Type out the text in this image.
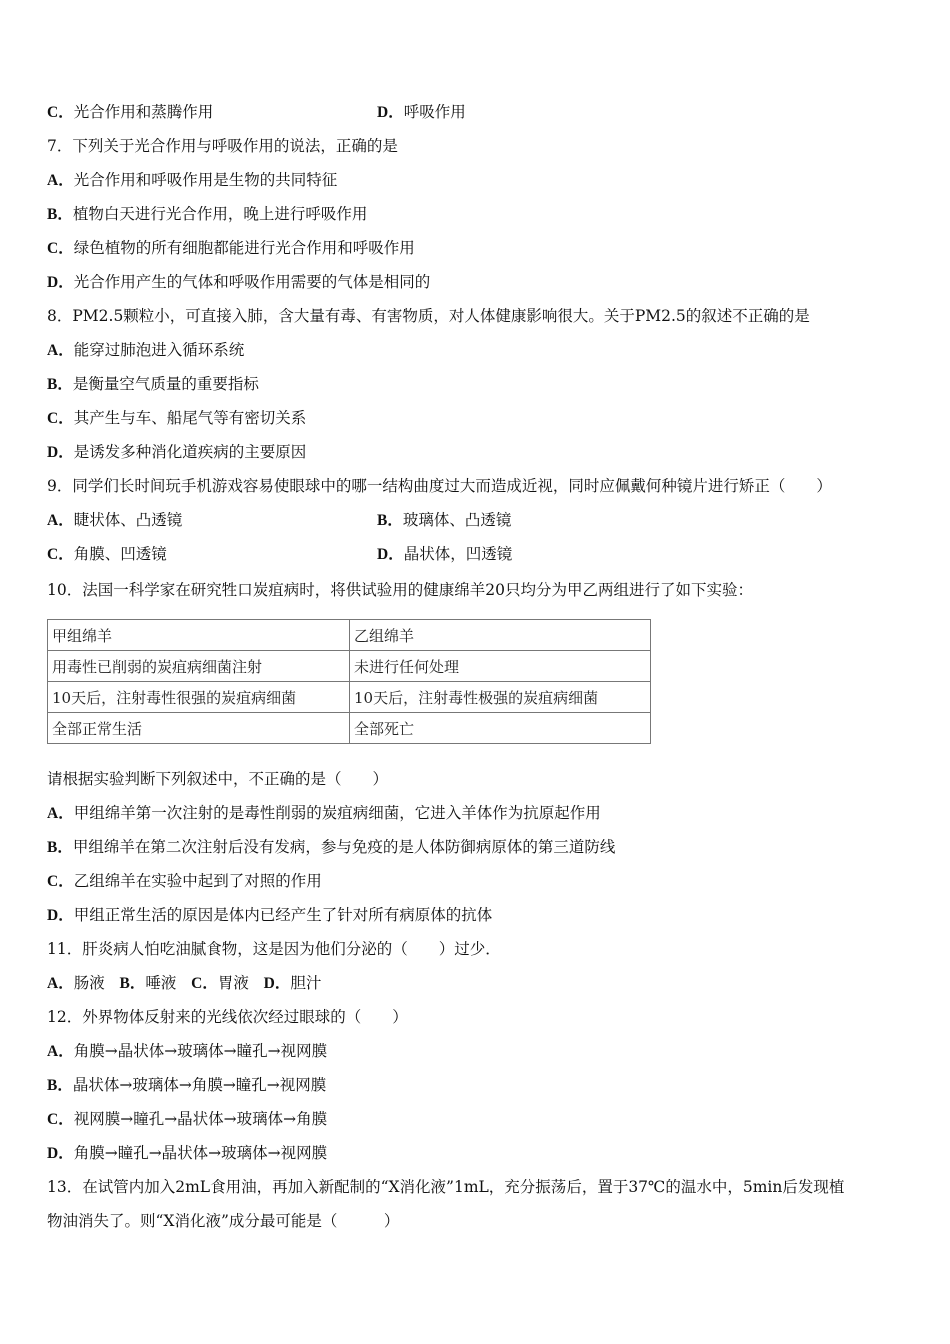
C．光合作用和蒸腾作用	D．呼吸作用
7．下列关于光合作用与呼吸作用的说法，正确的是
A．光合作用和呼吸作用是生物的共同特征
B．植物白天进行光合作用，晚上进行呼吸作用
C．绿色植物的所有细胞都能进行光合作用和呼吸作用
D．光合作用产生的气体和呼吸作用需要的气体是相同的
8．PM2.5颗粒小，可直接入肺，含大量有毒、有害物质，对人体健康影响很大。关于PM2.5的叙述不正确的是
A．能穿过肺泡进入循环系统
B．是衡量空气质量的重要指标
C．其产生与车、船尾气等有密切关系
D．是诱发多种消化道疾病的主要原因
9．同学们长时间玩手机游戏容易使眼球中的哪一结构曲度过大而造成近视，同时应佩戴何种镜片进行矫正（　　）
A．睫状体、凸透镜	B．玻璃体、凸透镜
C．角膜、凹透镜	D．晶状体，凹透镜
10．法国一科学家在研究牲口炭疽病时，将供试验用的健康绵羊20只均分为甲乙两组进行了如下实验：
甲组绵羊	乙组绵羊
用毒性已削弱的炭疽病细菌注射	未进行任何处理
10天后，注射毒性很强的炭疽病细菌	10天后，注射毒性极强的炭疽病细菌
全部正常生活	全部死亡
请根据实验判断下列叙述中，不正确的是（　　）
A．甲组绵羊第一次注射的是毒性削弱的炭疽病细菌，它进入羊体作为抗原起作用
B．甲组绵羊在第二次注射后没有发病，参与免疫的是人体防御病原体的第三道防线
C．乙组绵羊在实验中起到了对照的作用
D．甲组正常生活的原因是体内已经产生了针对所有病原体的抗体
11．肝炎病人怕吃油腻食物，这是因为他们分泌的（　　）过少．
A．肠液 B．唾液 C．胃液 D．胆汁
12．外界物体反射来的光线依次经过眼球的（　　）
A．角膜→晶状体→玻璃体→瞳孔→视网膜
B．晶状体→玻璃体→角膜→瞳孔→视网膜
C．视网膜→瞳孔→晶状体→玻璃体→角膜
D．角膜→瞳孔→晶状体→玻璃体→视网膜
13．在试管内加入2mL食用油，再加入新配制的“X消化液”1mL，充分振荡后，置于37℃的温水中，5min后发现植
物油消失了。则“X消化液”成分最可能是（　　　）
